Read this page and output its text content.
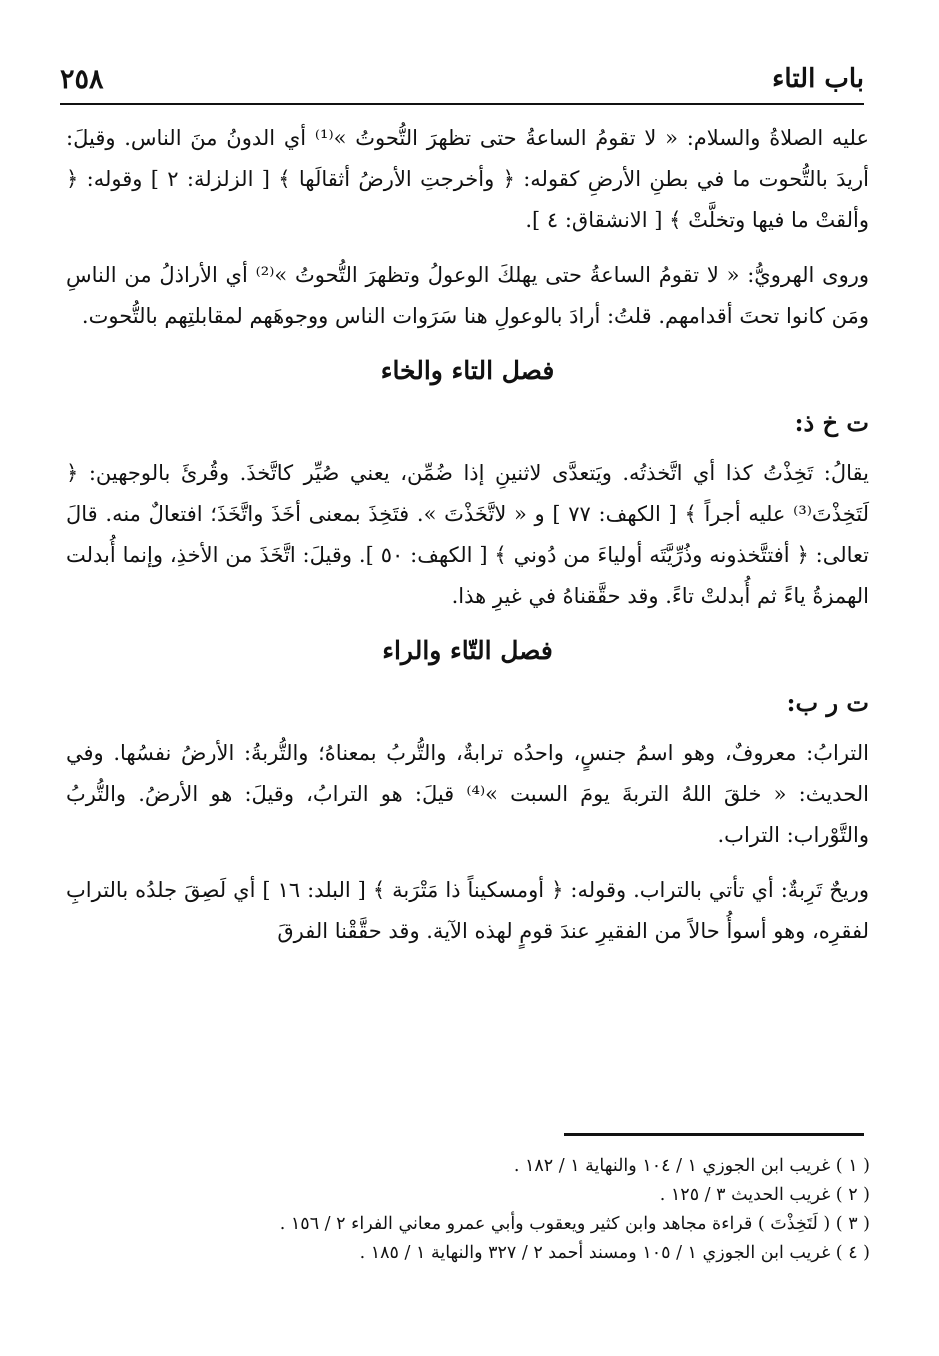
باب التاء
٢٥٨

عليه الصلاةُ والسلام: « لا تقومُ الساعةُ حتى تظهرَ التُّحوتُ »⁽¹⁾ أي الدونُ منَ الناس. وقيلَ: أريدَ بالتُّحوت ما في بطنِ الأرضِ كقوله: ﴿ وأخرجتِ الأرضُ أثقالَها ﴾ [ الزلزلة: ٢ ] وقوله: ﴿ وألقتْ ما فيها وتخلَّتْ ﴾ [ الانشقاق: ٤ ].

وروى الهرويُّ: « لا تقومُ الساعةُ حتى يهلكَ الوعولُ وتظهرَ التُّحوتُ »⁽²⁾ أي الأراذلُ من الناسِ ومَن كانوا تحتَ أقدامهم. قلتُ: أرادَ بالوعولِ هنا سَرَوات الناس ووجوهَهم لمقابلتِهم بالتُّحوت.

فصل التاء والخاء
ت خ ذ:

يقالُ: تَخِذْتُ كذا أي اتَّخذتُه. ويَتعدَّى لاثنينِ إذا ضُمِّن، يعني صُيِّر كاتَّخذَ. وقُرئَ بالوجهين: ﴿ لَتَخِذْتَ⁽³⁾ عليه أجراً ﴾ [ الكهف: ٧٧ ] و « لاتَّخَذْتَ ». فتَخِذَ بمعنى أخَذَ واتَّخَذَ؛ افتعالٌ منه. قالَ تعالى: ﴿ أفتتَّخذونه وذُرِّيَّتَه أولياءَ من دُوني ﴾ [ الكهف: ٥٠ ]. وقيلَ: اتَّخَذَ من الأخذِ، وإنما أُبدلت الهمزةُ ياءً ثم أُبدلتْ تاءً. وقد حقَّقناهُ في غيرِ هذا.

فصل التّاء والراء
ت ر ب:

الترابُ: معروفٌ، وهو اسمُ جنسٍ، واحدُه ترابةٌ، والتُّربُ بمعناهُ؛ والتُّربةُ: الأرضُ نفسُها. وفي الحديث: « خلقَ اللهُ التربةَ يومَ السبت »⁽⁴⁾ قيلَ: هو الترابُ، وقيلَ: هو الأرضُ. والتُّربُ والتَّوْراب: التراب.

وريحٌ تَرِبةٌ: أي تأتي بالتراب. وقوله: ﴿ أومسكيناً ذا مَتْرَبة ﴾ [ البلد: ١٦ ] أي لَصِقَ جلدُه بالترابِ لفقرِه، وهو أسوأُ حالاً من الفقيرِ عندَ قومٍ لهذه الآية. وقد حقَّقْنا الفرقَ

( ١ ) غريب ابن الجوزي ١ / ١٠٤ والنهاية ١ / ١٨٢ .
( ٢ ) غريب الحديث ٣ / ١٢٥ .
( ٣ ) ( لَتَخِذْتَ ) قراءة مجاهد وابن كثير ويعقوب وأبي عمرو معاني الفراء ٢ / ١٥٦ .
( ٤ ) غريب ابن الجوزي ١ / ١٠٥ ومسند أحمد ٢ / ٣٢٧ والنهاية ١ / ١٨٥ .
